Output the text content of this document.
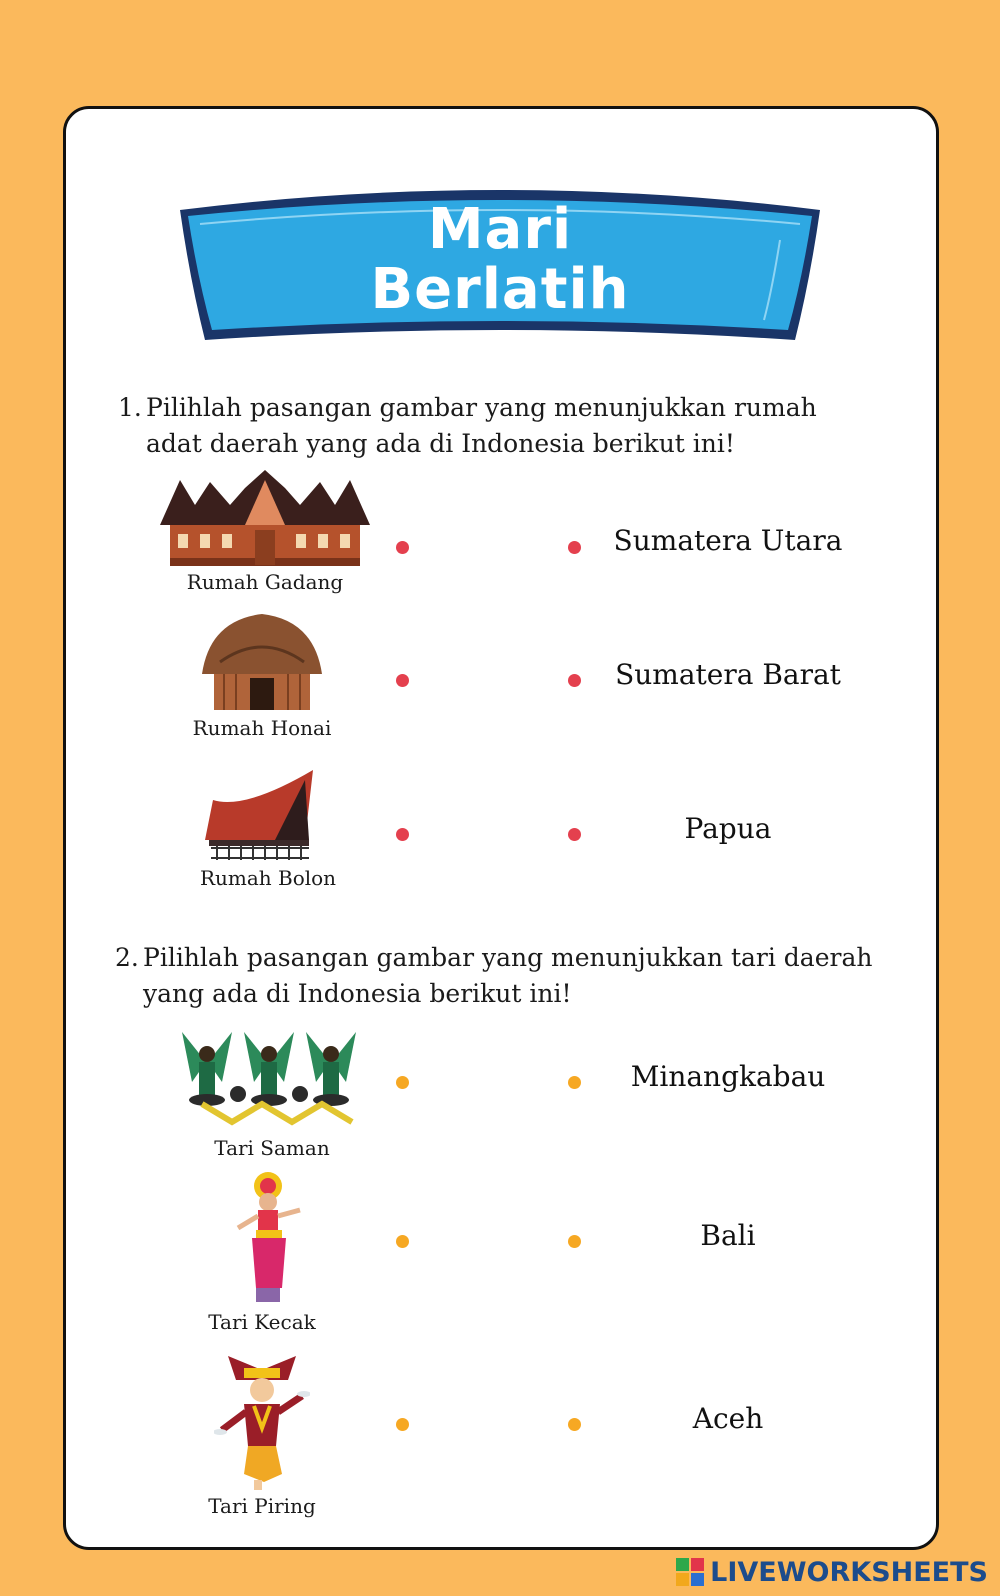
Mari
Berlatih
1. Pilihlah pasangan gambar yang menunjukkan rumah adat daerah yang ada di Indonesia berikut ini!
Rumah Gadang
Rumah Honai
Rumah Bolon
Sumatera Utara
Sumatera Barat
Papua
2. Pilihlah pasangan gambar yang menunjukkan tari daerah yang ada di Indonesia berikut ini!
Tari Saman
Tari Kecak
Tari Piring
Minangkabau
Bali
Aceh
LIVEWORKSHEETS
